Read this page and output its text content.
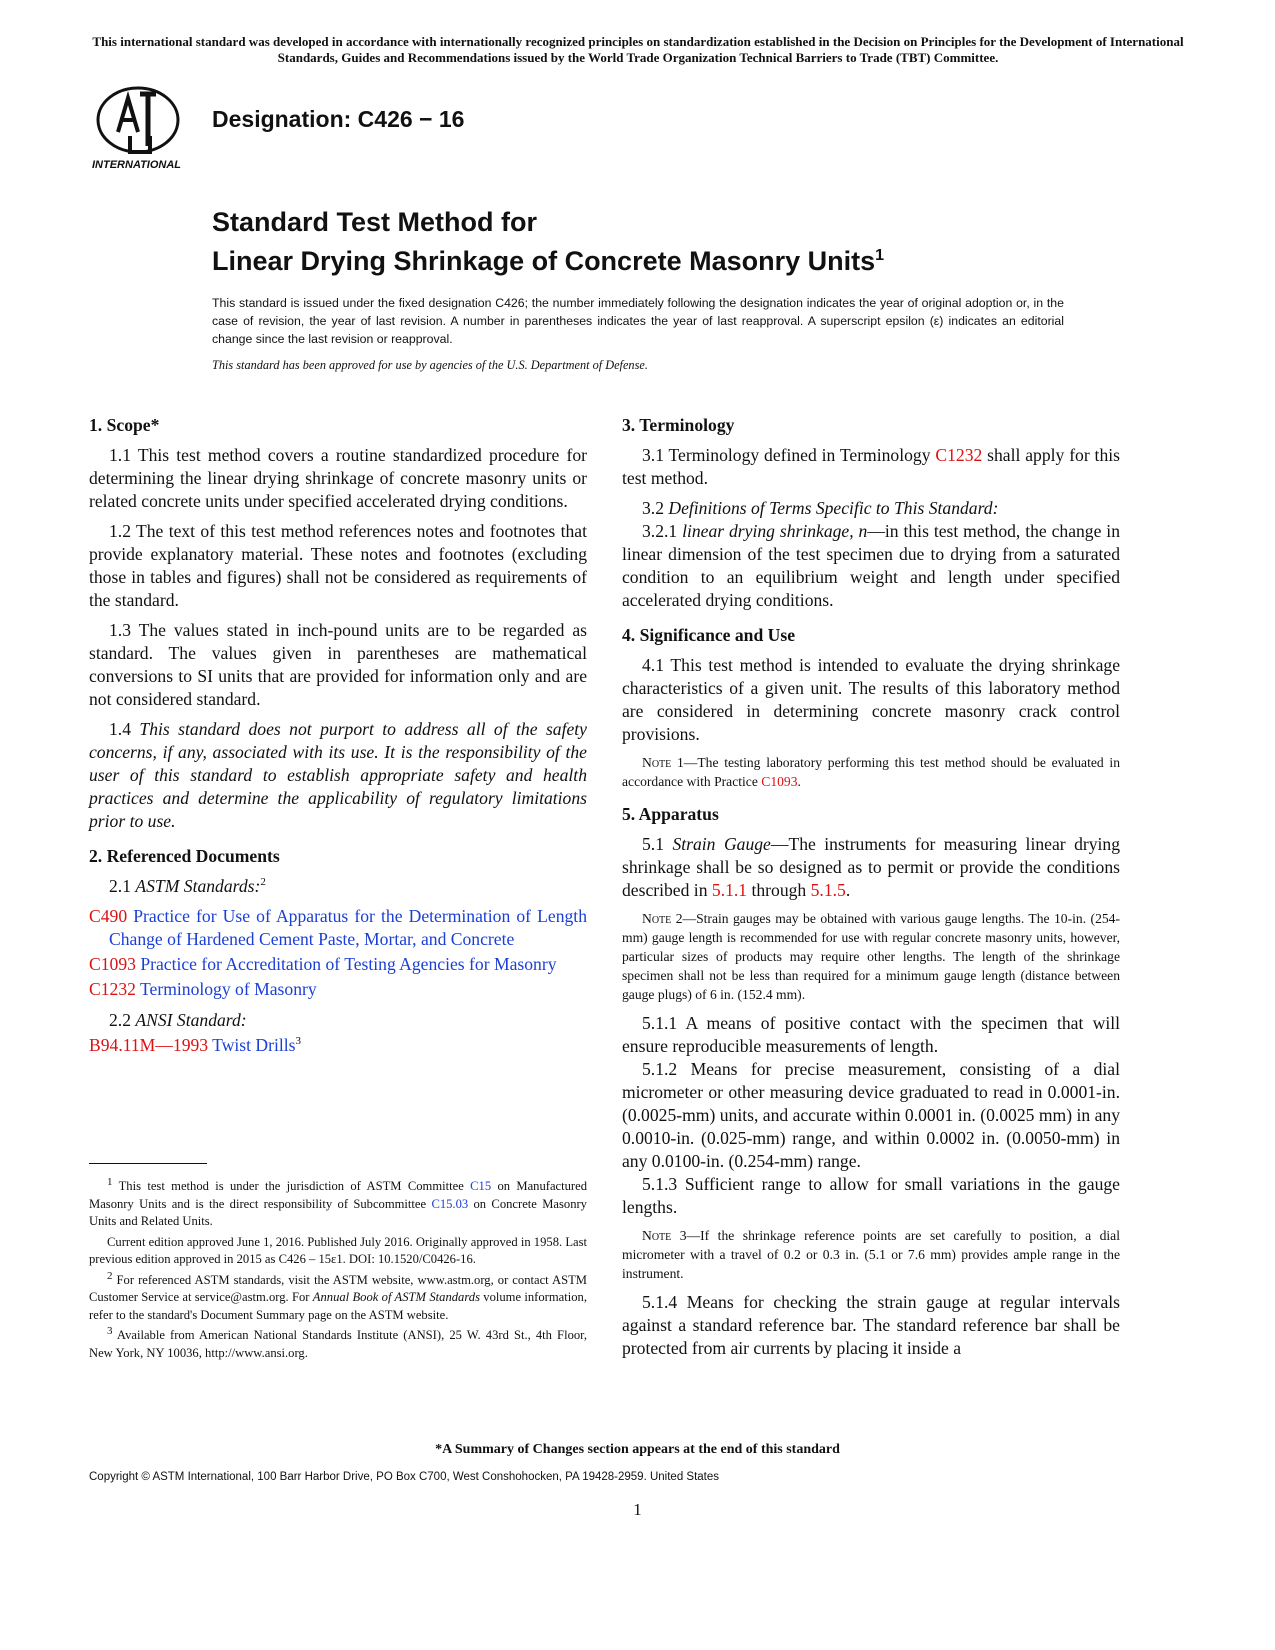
This international standard was developed in accordance with internationally recognized principles on standardization established in the Decision on Principles for the Development of International Standards, Guides and Recommendations issued by the World Trade Organization Technical Barriers to Trade (TBT) Committee.
INTERNATIONAL
Designation: C426 − 16
Standard Test Method for
Linear Drying Shrinkage of Concrete Masonry Units$^1$
This standard is issued under the fixed designation C426; the number immediately following the designation indicates the year of original adoption or, in the case of revision, the year of last revision. A number in parentheses indicates the year of last reapproval. A superscript epsilon (ε) indicates an editorial change since the last revision or reapproval.
This standard has been approved for use by agencies of the U.S. Department of Defense.
1. Scope*

1.1 This test method covers a routine standardized procedure for determining the linear drying shrinkage of concrete masonry units or related concrete units under specified accelerated drying conditions.

1.2 The text of this test method references notes and footnotes that provide explanatory material. These notes and footnotes (excluding those in tables and figures) shall not be considered as requirements of the standard.

1.3 The values stated in inch-pound units are to be regarded as standard. The values given in parentheses are mathematical conversions to SI units that are provided for information only and are not considered standard.

1.4 This standard does not purport to address all of the safety concerns, if any, associated with its use. It is the responsibility of the user of this standard to establish appropriate safety and health practices and determine the applicability of regulatory limitations prior to use.

2. Referenced Documents

2.1 ASTM Standards:$^2$

C490 Practice for Use of Apparatus for the Determination of Length Change of Hardened Cement Paste, Mortar, and Concrete
C1093 Practice for Accreditation of Testing Agencies for Masonry
C1232 Terminology of Masonry

2.2 ANSI Standard:

B94.11M—1993 Twist Drills$^3$

$^1$ This test method is under the jurisdiction of ASTM Committee C15 on Manufactured Masonry Units and is the direct responsibility of Subcommittee C15.03 on Concrete Masonry Units and Related Units.

Current edition approved June 1, 2016. Published July 2016. Originally approved in 1958. Last previous edition approved in 2015 as C426 – 15ε1. DOI: 10.1520/C0426-16.

$^2$ For referenced ASTM standards, visit the ASTM website, www.astm.org, or contact ASTM Customer Service at service@astm.org. For Annual Book of ASTM Standards volume information, refer to the standard's Document Summary page on the ASTM website.

$^3$ Available from American National Standards Institute (ANSI), 25 W. 43rd St., 4th Floor, New York, NY 10036, http://www.ansi.org.

3. Terminology

3.1 Terminology defined in Terminology C1232 shall apply for this test method.

3.2 Definitions of Terms Specific to This Standard:

3.2.1 linear drying shrinkage, n—in this test method, the change in linear dimension of the test specimen due to drying from a saturated condition to an equilibrium weight and length under specified accelerated drying conditions.

4. Significance and Use

4.1 This test method is intended to evaluate the drying shrinkage characteristics of a given unit. The results of this laboratory method are considered in determining concrete masonry crack control provisions.

Note 1—The testing laboratory performing this test method should be evaluated in accordance with Practice C1093.
5. Apparatus

5.1 Strain Gauge—The instruments for measuring linear drying shrinkage shall be so designed as to permit or provide the conditions described in 5.1.1 through 5.1.5.

Note 2—Strain gauges may be obtained with various gauge lengths. The 10-in. (254-mm) gauge length is recommended for use with regular concrete masonry units, however, particular sizes of products may require other lengths. The length of the shrinkage specimen shall not be less than required for a minimum gauge length (distance between gauge plugs) of 6 in. (152.4 mm).

5.1.1 A means of positive contact with the specimen that will ensure reproducible measurements of length.

5.1.2 Means for precise measurement, consisting of a dial micrometer or other measuring device graduated to read in 0.0001-in. (0.0025-mm) units, and accurate within 0.0001 in. (0.0025 mm) in any 0.0010-in. (0.025-mm) range, and within 0.0002 in. (0.0050-mm) in any 0.0100-in. (0.254-mm) range.

5.1.3 Sufficient range to allow for small variations in the gauge lengths.

Note 3—If the shrinkage reference points are set carefully to position, a dial micrometer with a travel of 0.2 or 0.3 in. (5.1 or 7.6 mm) provides ample range in the instrument.

5.1.4 Means for checking the strain gauge at regular intervals against a standard reference bar. The standard reference bar shall be protected from air currents by placing it inside a

*A Summary of Changes section appears at the end of this standard
Copyright © ASTM International, 100 Barr Harbor Drive, PO Box C700, West Conshohocken, PA 19428-2959. United States
1
